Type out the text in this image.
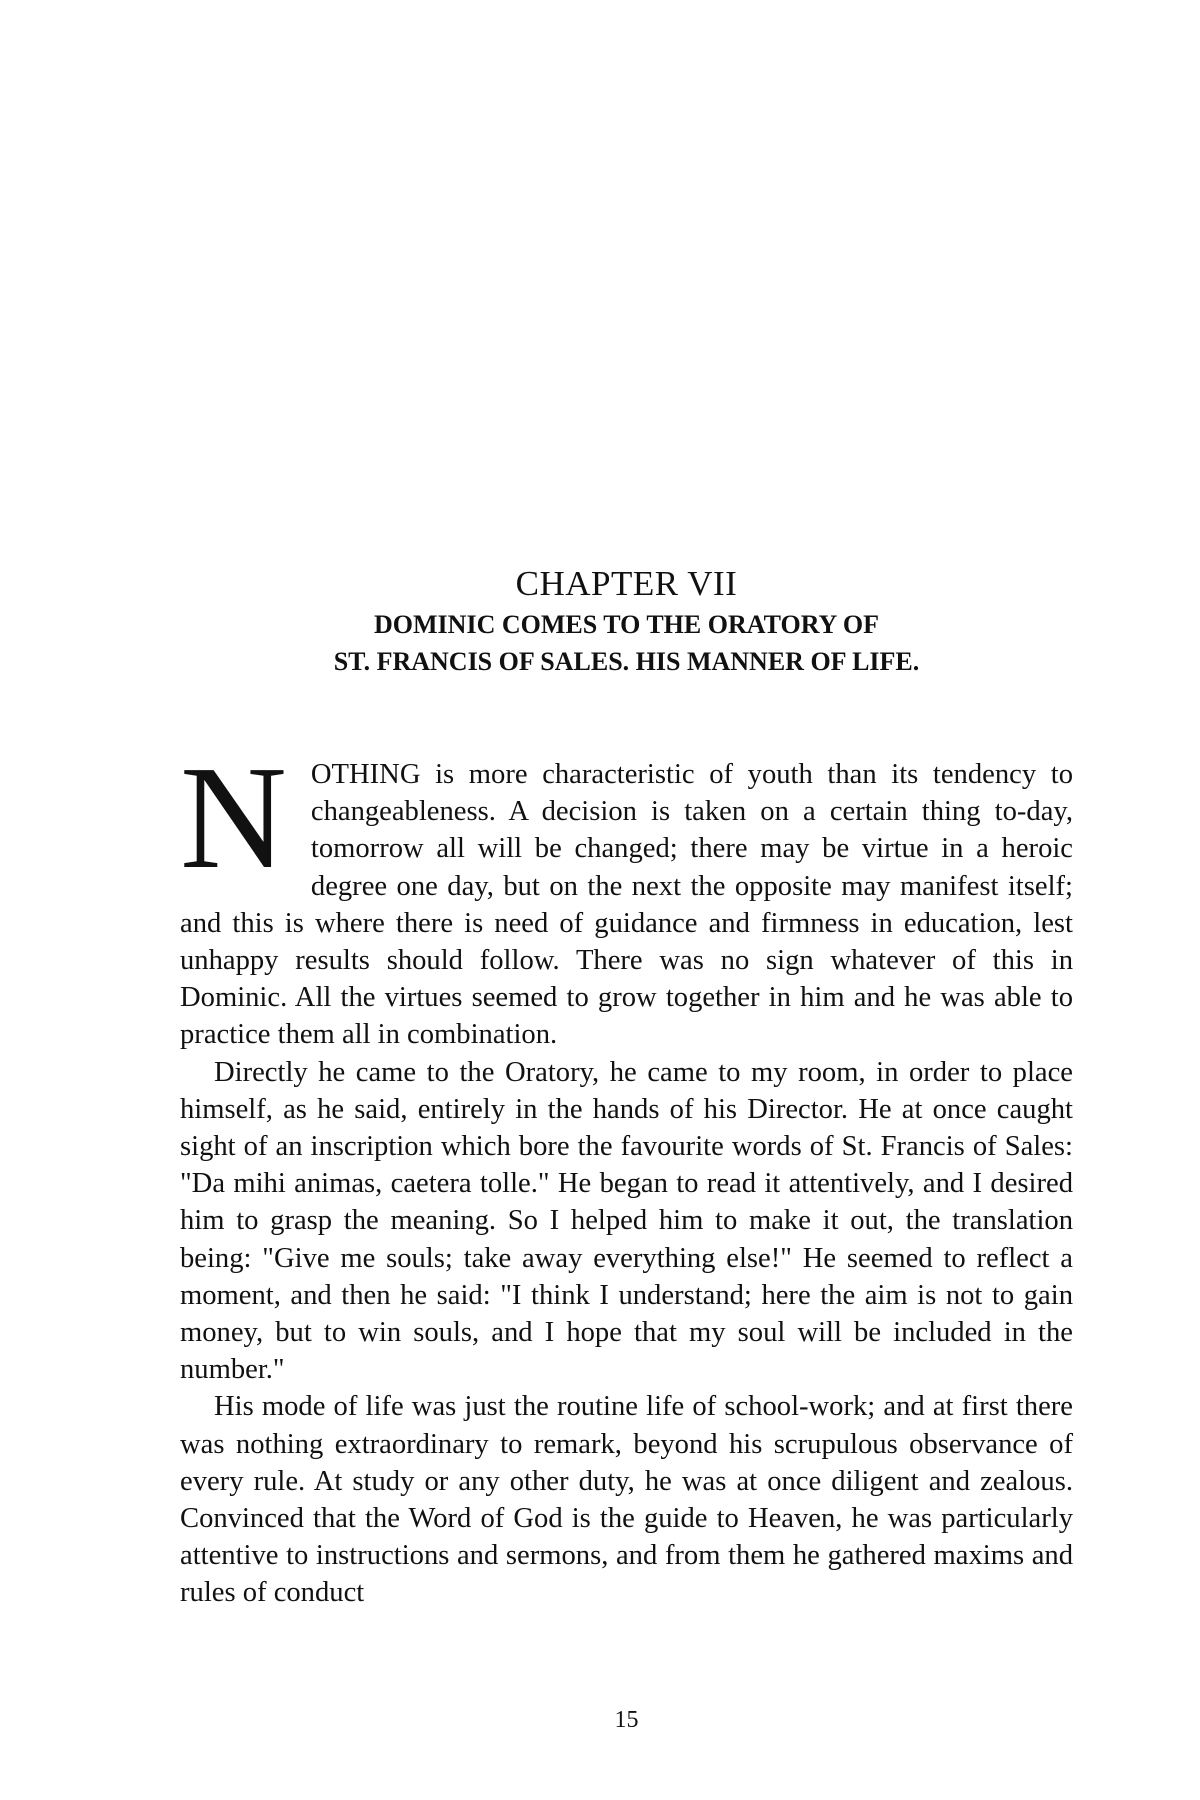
CHAPTER VII
DOMINIC COMES TO THE ORATORY OF
ST. FRANCIS OF SALES. HIS MANNER OF LIFE.

NOTHING is more characteristic of youth than its tendency to changeableness. A decision is taken on a certain thing to-day, tomorrow all will be changed; there may be virtue in a heroic degree one day, but on the next the opposite may manifest itself; and this is where there is need of guidance and firmness in education, lest unhappy results should follow. There was no sign whatever of this in Dominic. All the virtues seemed to grow together in him and he was able to practice them all in combination.

Directly he came to the Oratory, he came to my room, in order to place himself, as he said, entirely in the hands of his Director. He at once caught sight of an inscription which bore the favourite words of St. Francis of Sales: "Da mihi animas, caetera tolle." He began to read it attentively, and I desired him to grasp the meaning. So I helped him to make it out, the translation being: "Give me souls; take away everything else!" He seemed to reflect a moment, and then he said: "I think I understand; here the aim is not to gain money, but to win souls, and I hope that my soul will be included in the number."

His mode of life was just the routine life of school-work; and at first there was nothing extraordinary to remark, beyond his scrupulous observance of every rule. At study or any other duty, he was at once diligent and zealous. Convinced that the Word of God is the guide to Heaven, he was particularly attentive to instructions and sermons, and from them he gathered maxims and rules of conduct

15
